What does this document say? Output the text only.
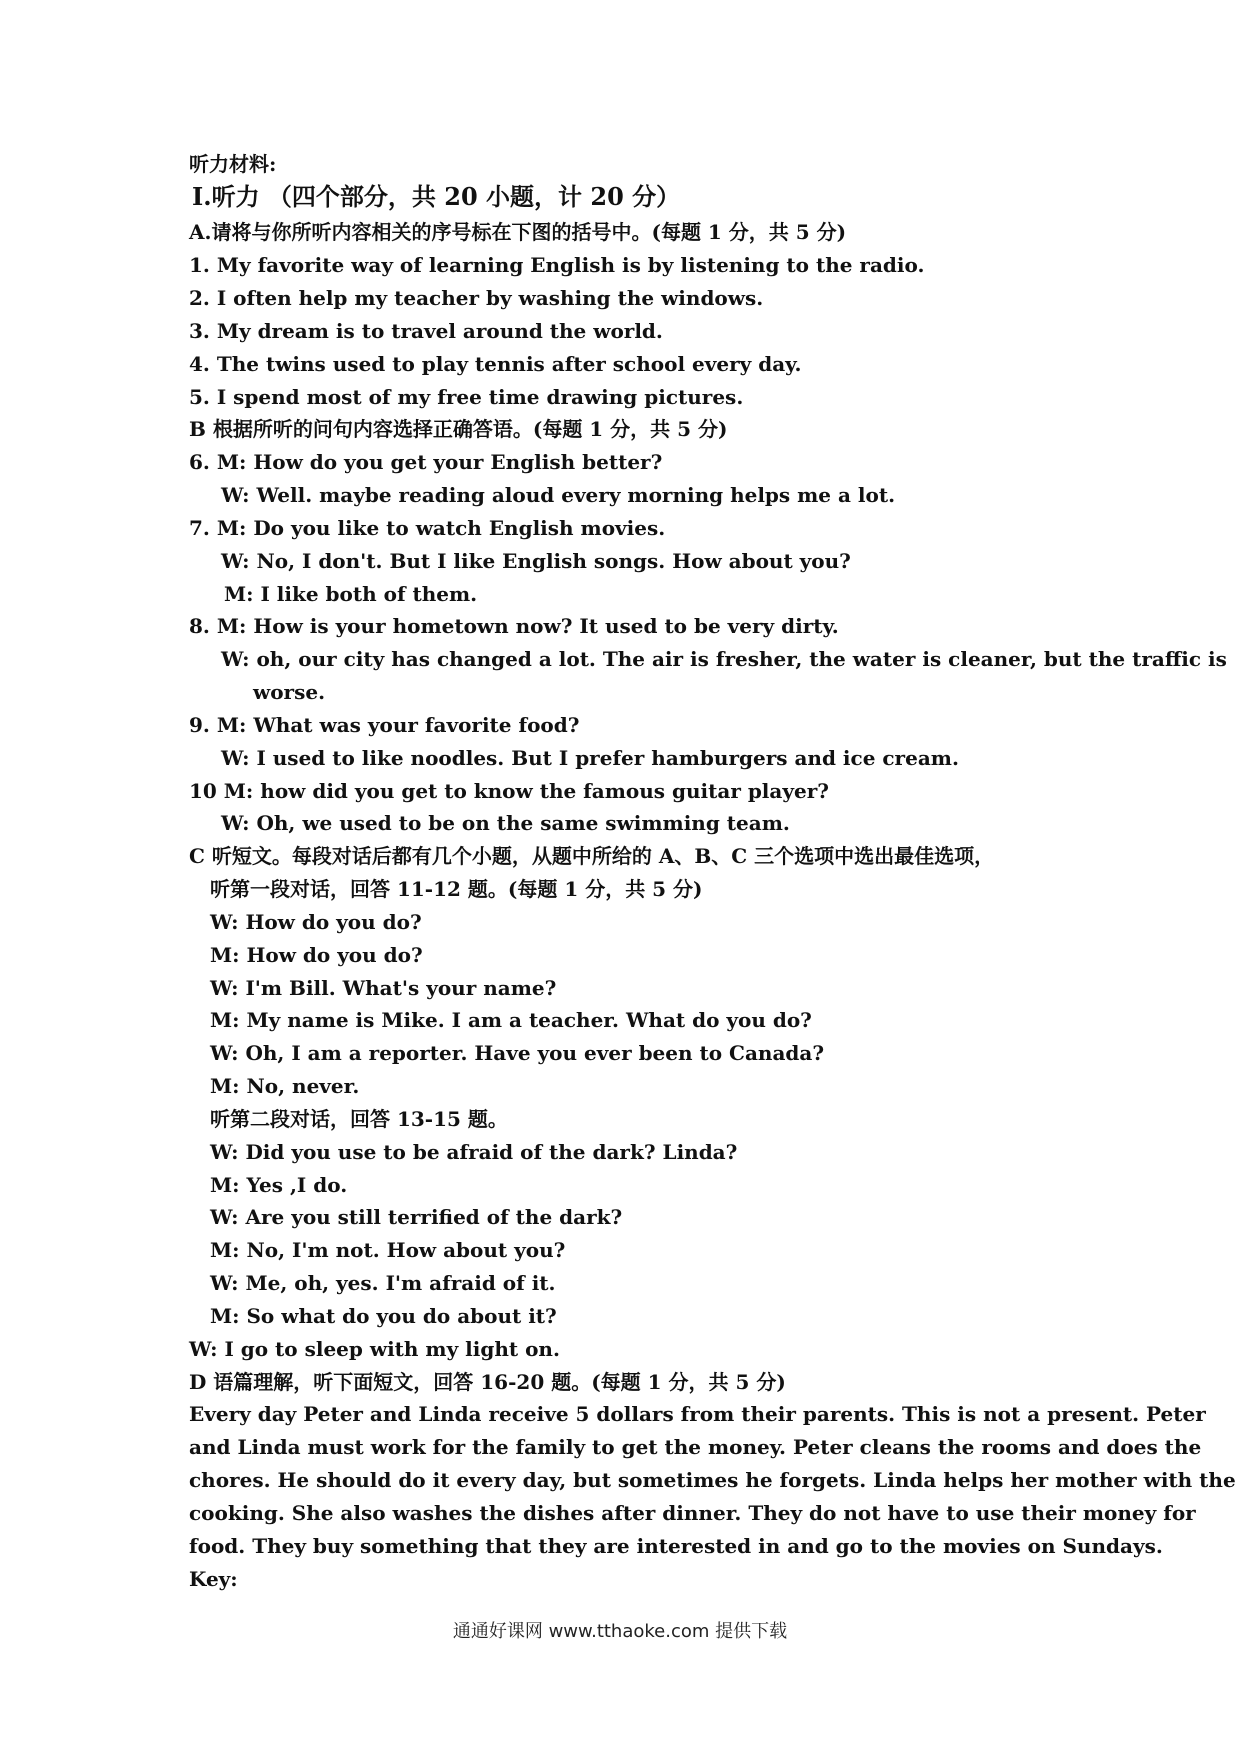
听力材料:
Ⅰ.听力 （四个部分，共 20 小题，计 20 分）
A.请将与你所听内容相关的序号标在下图的括号中。(每题 1 分，共 5 分)
1. My favorite way of learning English is by listening to the radio.
2. I often help my teacher by washing the windows.
3. My dream is to travel around the world.
4. The twins used to play tennis after school every day.
5. I spend most of my free time drawing pictures.
B 根据所听的问句内容选择正确答语。(每题 1 分，共 5 分)
6. M: How do you get your English better?
W: Well. maybe reading aloud every morning helps me a lot.
7. M: Do you like to watch English movies.
W: No, I don't. But I like English songs. How about you?
M: I like both of them.
8. M: How is your hometown now? It used to be very dirty.
W: oh, our city has changed a lot. The air is fresher, the water is cleaner, but the traffic is
worse.
9. M: What was your favorite food?
W: I used to like noodles. But I prefer hamburgers and ice cream.
10 M: how did you get to know the famous guitar player?
W: Oh, we used to be on the same swimming team.
C 听短文。每段对话后都有几个小题，从题中所给的 A、B、C 三个选项中选出最佳选项，
听第一段对话，回答 11-12 题。(每题 1 分，共 5 分)
W: How do you do?
M: How do you do?
W: I'm Bill. What's your name?
M: My name is Mike. I am a teacher. What do you do?
W: Oh, I am a reporter. Have you ever been to Canada?
M: No, never.
听第二段对话，回答 13-15 题。
W: Did you use to be afraid of the dark? Linda?
M: Yes ,I do.
W: Are you still terrified of the dark?
M: No, I'm not. How about you?
W: Me, oh, yes. I'm afraid of it.
M: So what do you do about it?
W: I go to sleep with my light on.
D 语篇理解，听下面短文，回答 16-20 题。(每题 1 分，共 5 分)
Every day Peter and Linda receive 5 dollars from their parents. This is not a present. Peter
and Linda must work for the family to get the money. Peter cleans the rooms and does the
chores. He should do it every day, but sometimes he forgets. Linda helps her mother with the
cooking. She also washes the dishes after dinner. They do not have to use their money for
food. They buy something that they are interested in and go to the movies on Sundays.
Key:
通通好课网 www.tthaoke.com 提供下载
